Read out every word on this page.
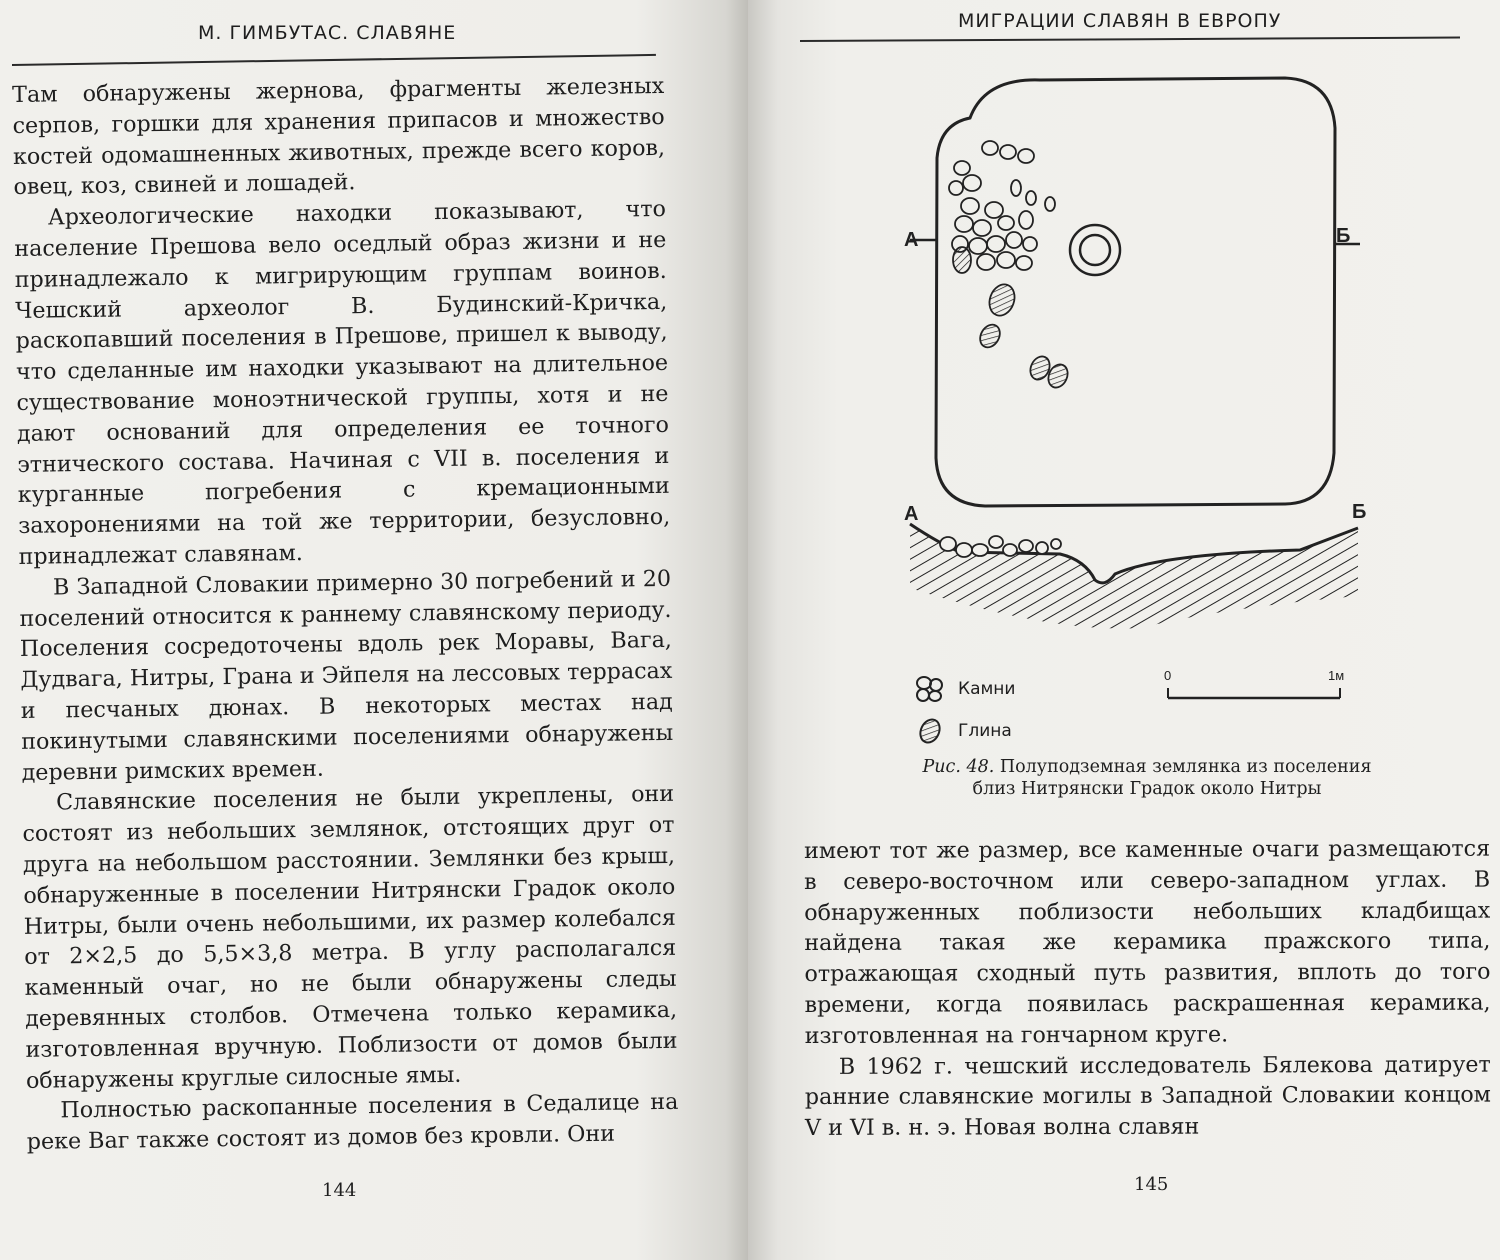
М. ГИМБУТАС. СЛАВЯНЕ

Там обнаружены жернова, фрагменты железных серпов, горшки для хранения припасов и множество костей одомашненных животных, прежде всего коров, овец, коз, свиней и лошадей.

Археологические находки показывают, что население Прешова вело оседлый образ жизни и не принадлежало к мигрирующим группам воинов. Чешский археолог В. Будинский-Кричка, раскопавший поселения в Прешове, пришел к выводу, что сделанные им находки указывают на длительное существование моноэтнической группы, хотя и не дают оснований для определения ее точного этнического состава. Начиная с VII в. поселения и курганные погребения с кремационными захоронениями на той же территории, безусловно, принадлежат славянам.

В Западной Словакии примерно 30 погребений и 20 поселений относится к раннему славянскому периоду. Поселения сосредоточены вдоль рек Моравы, Вага, Дудвага, Нитры, Грана и Эйпеля на лессовых террасах и песчаных дюнах. В некоторых местах над покинутыми славянскими поселениями обнаружены деревни римских времен.

Славянские поселения не были укреплены, они состоят из небольших землянок, отстоящих друг от друга на небольшом расстоянии. Землянки без крыш, обнаруженные в поселении Нитрянски Градок около Нитры, были очень небольшими, их размер колебался от 2×2,5 до 5,5×3,8 метра. В углу располагался каменный очаг, но не были обнаружены следы деревянных столбов. Отмечена только керамика, изготовленная вручную. Поблизости от домов были обнаружены круглые силосные ямы.

Полностью раскопанные поселения в Седалице на реке Ваг также состоят из домов без кровли. Они

144
МИГРАЦИИ СЛАВЯН В ЕВРОПУ
А	Б
А	Б
Камни
Глина
0	1м
Рис. 48. Полуподземная землянка из поселения близ Нитрянски Градок около Нитры

имеют тот же размер, все каменные очаги размещаются в северо-восточном или северо-западном углах. В обнаруженных поблизости небольших кладбищах найдена такая же керамика пражского типа, отражающая сходный путь развития, вплоть до того времени, когда появилась раскрашенная керамика, изготовленная на гончарном круге.

В 1962 г. чешский исследователь Бялекова датирует ранние славянские могилы в Западной Словакии концом V и VI в. н. э. Новая волна славян

145
